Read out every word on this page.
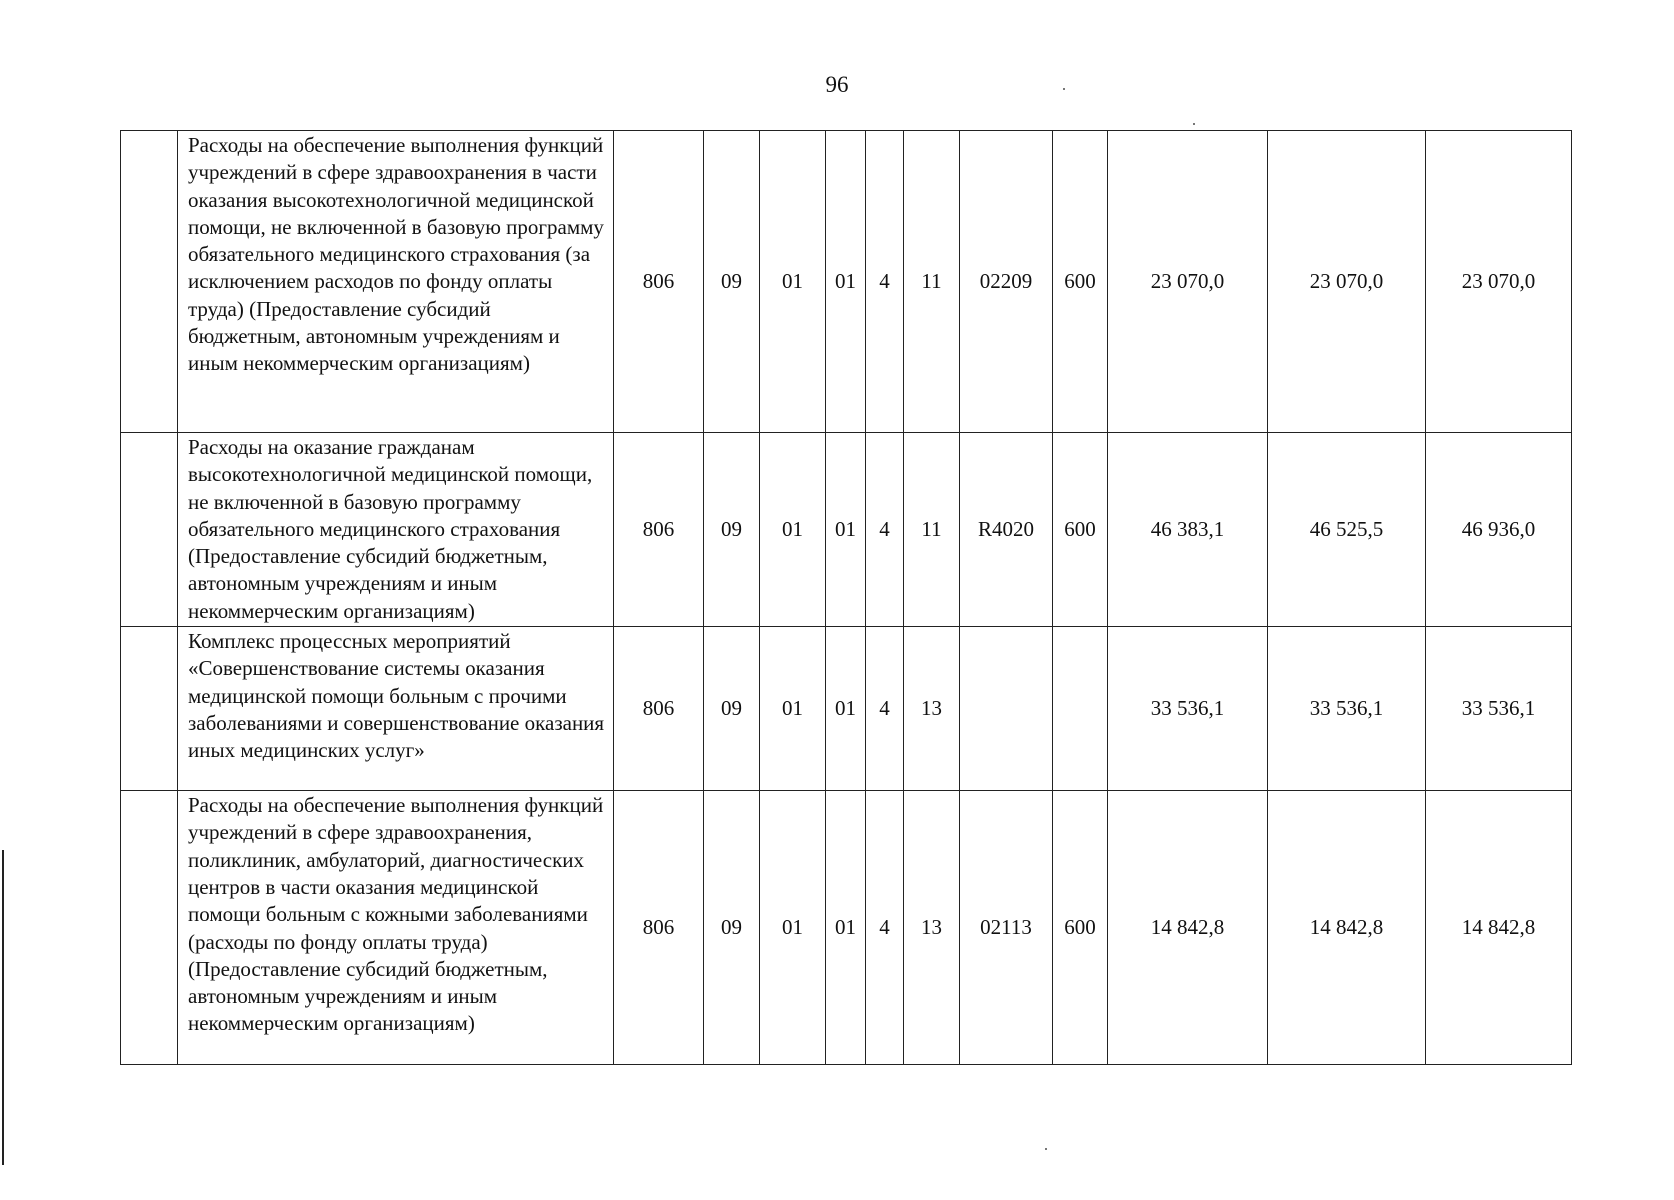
96
	Расходы на обеспечение выполнения функций учреждений в сфере здравоохранения в части оказания высокотехнологичной медицинской помощи, не включенной в базовую программу обязательного медицинского страхования (за исключением расходов по фонду оплаты труда) (Предоставление субсидий бюджетным, автономным учреждениям и иным некоммерческим организациям)	806	09	01	01	4	11	02209	600	23 070,0	23 070,0	23 070,0
	Расходы на оказание гражданам высокотехнологичной медицинской помощи, не включенной в базовую программу обязательного медицинского страхования (Предоставление субсидий бюджетным, автономным учреждениям и иным некоммерческим организациям)	806	09	01	01	4	11	R4020	600	46 383,1	46 525,5	46 936,0
	Комплекс процессных мероприятий «Совершенствование системы оказания медицинской помощи больным с прочими заболеваниями и совершенствование оказания иных медицинских услуг»	806	09	01	01	4	13			33 536,1	33 536,1	33 536,1
	Расходы на обеспечение выполнения функций учреждений в сфере здравоохранения, поликлиник, амбулаторий, диагностических центров в части оказания медицинской помощи больным с кожными заболеваниями (расходы по фонду оплаты труда) (Предоставление субсидий бюджетным, автономным учреждениям и иным некоммерческим организациям)	806	09	01	01	4	13	02113	600	14 842,8	14 842,8	14 842,8
